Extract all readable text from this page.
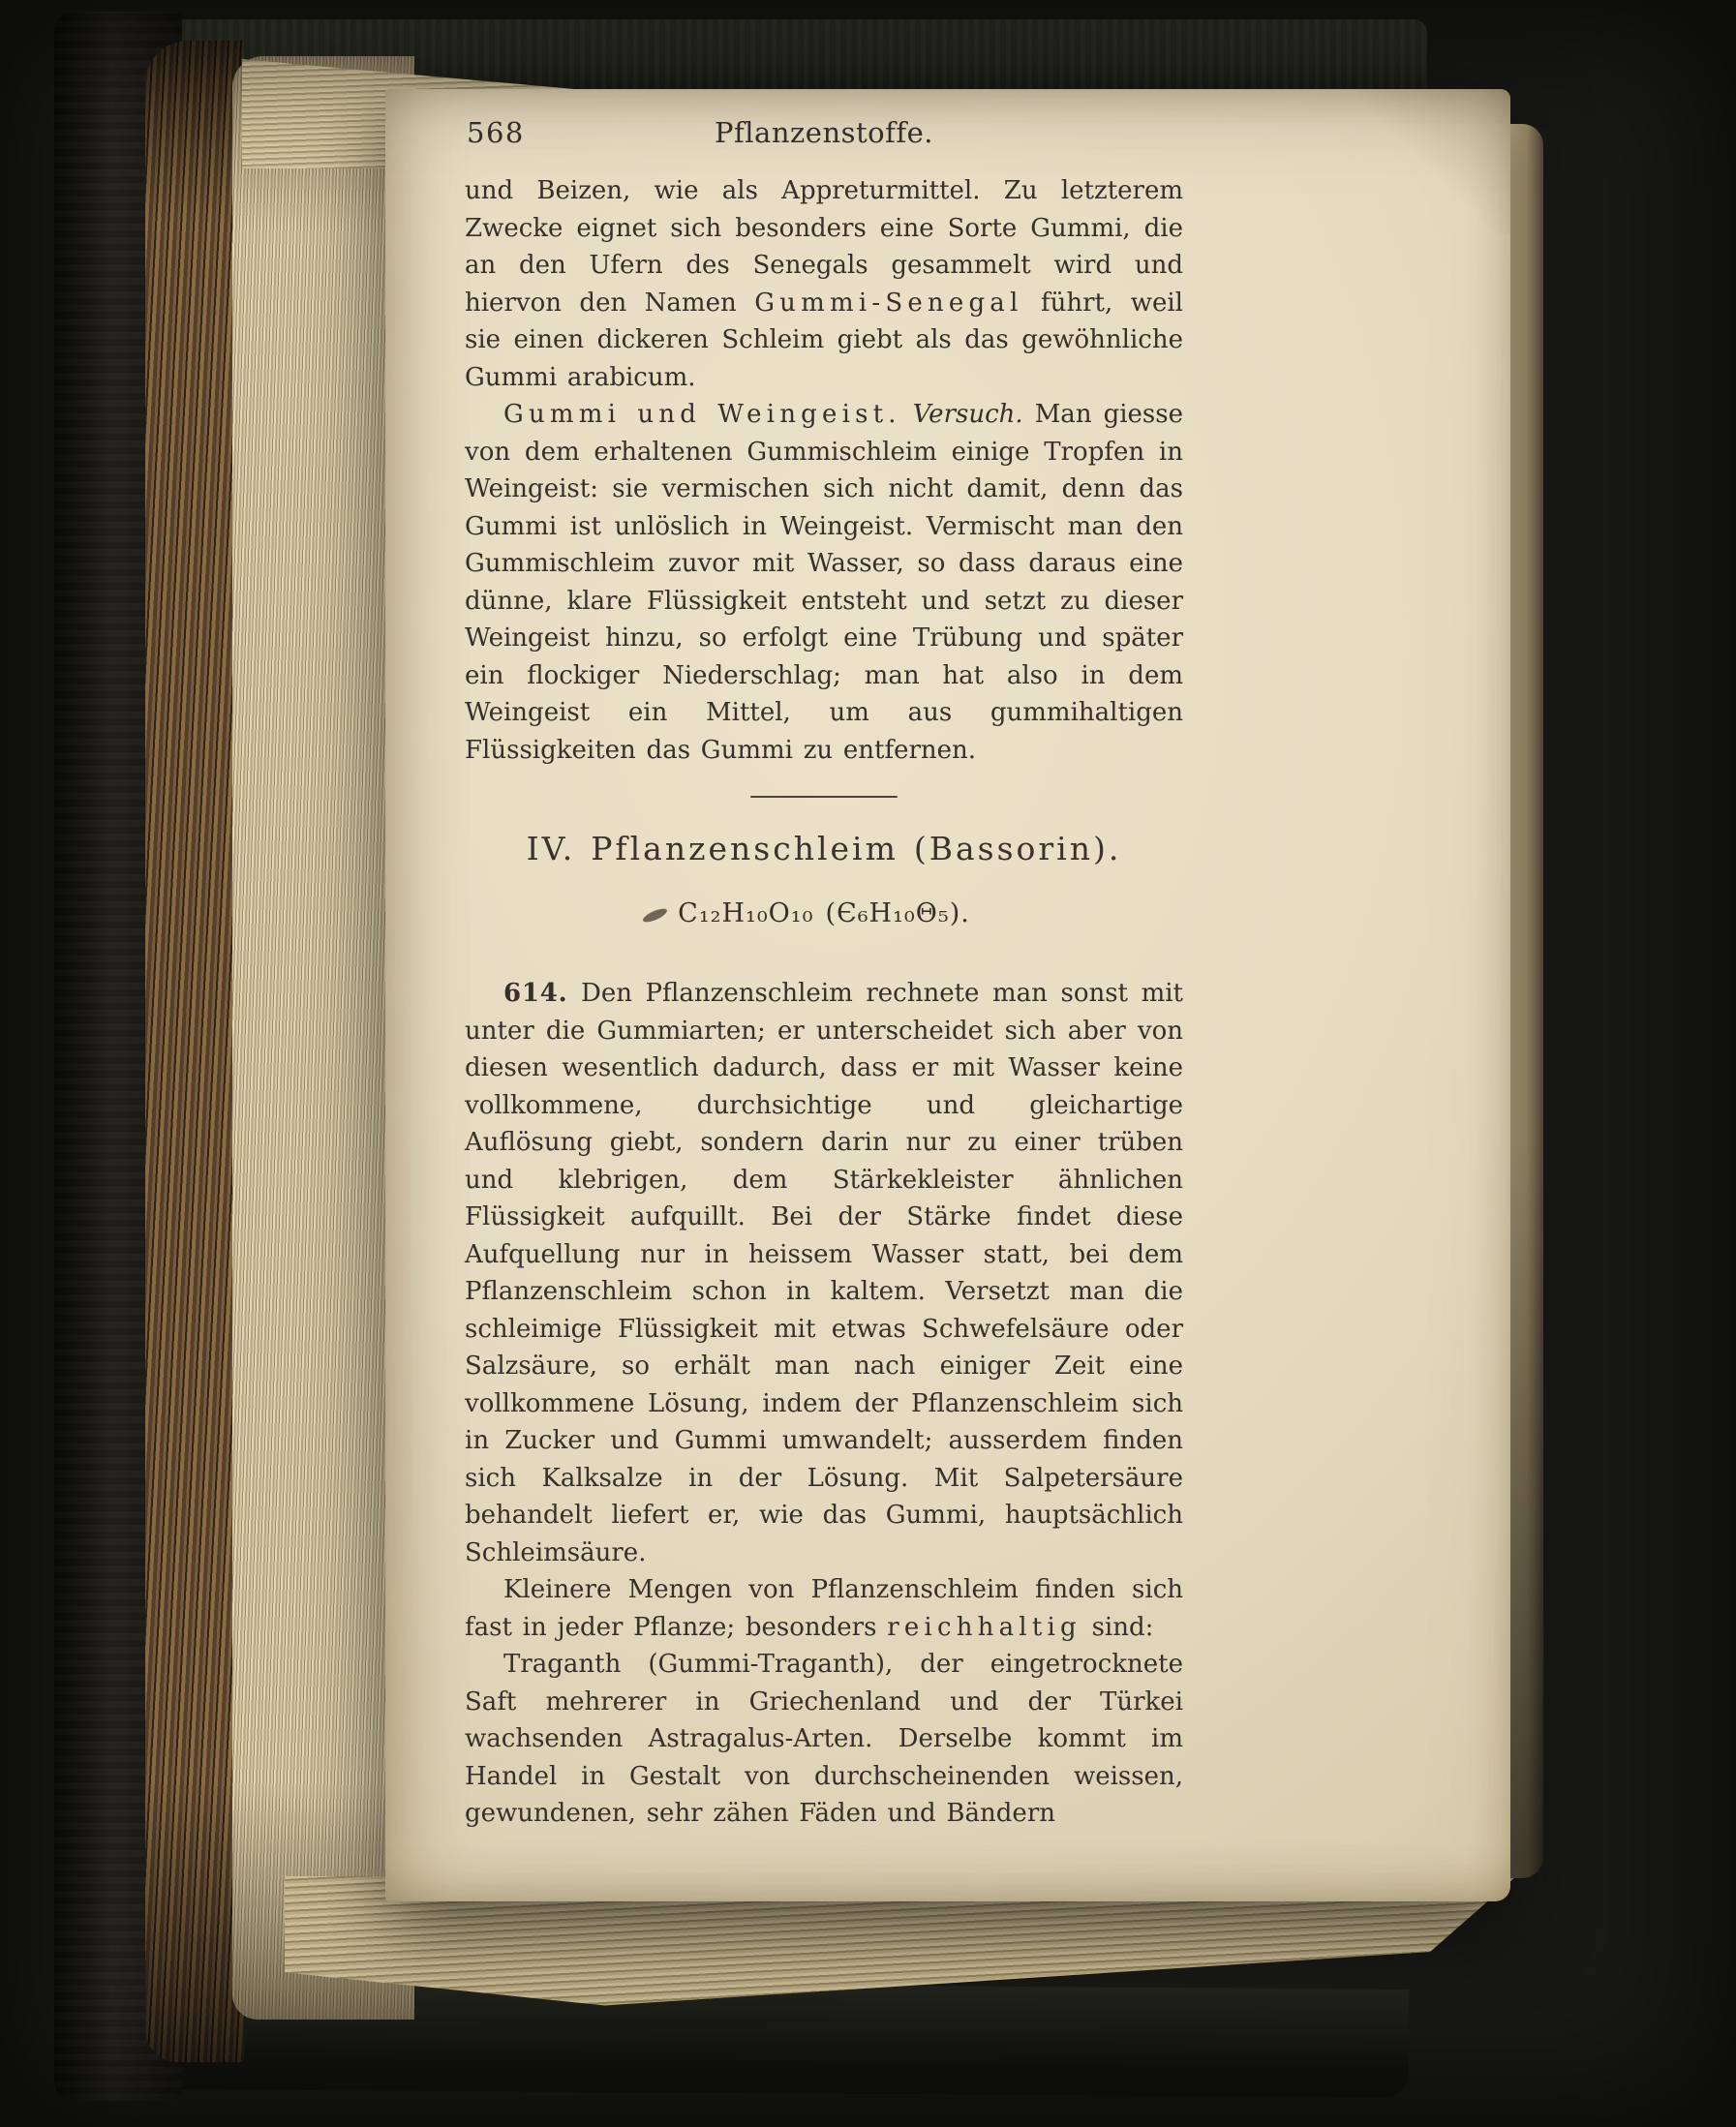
568	Pflanzenstoffe.

und Beizen, wie als Appreturmittel. Zu letzterem Zwecke eignet sich besonders eine Sorte Gummi, die an den Ufern des Senegals gesammelt wird und hiervon den Namen Gummi-Senegal führt, weil sie einen dickeren Schleim giebt als das gewöhnliche Gummi arabicum.

Gummi und Weingeist. Versuch. Man giesse von dem erhaltenen Gummischleim einige Tropfen in Weingeist: sie vermischen sich nicht damit, denn das Gummi ist unlöslich in Weingeist. Vermischt man den Gummischleim zuvor mit Wasser, so dass daraus eine dünne, klare Flüssigkeit entsteht und setzt zu dieser Weingeist hinzu, so erfolgt eine Trübung und später ein flockiger Niederschlag; man hat also in dem Weingeist ein Mittel, um aus gummihaltigen Flüssigkeiten das Gummi zu entfernen.

IV. Pflanzenschleim (Bassorin).
C₁₂H₁₀O₁₀ (Є₆H₁₀Θ₅).

614. Den Pflanzenschleim rechnete man sonst mit unter die Gummiarten; er unterscheidet sich aber von diesen wesentlich dadurch, dass er mit Wasser keine vollkommene, durchsichtige und gleichartige Auflösung giebt, sondern darin nur zu einer trüben und klebrigen, dem Stärkekleister ähnlichen Flüssigkeit aufquillt. Bei der Stärke findet diese Aufquellung nur in heissem Wasser statt, bei dem Pflanzenschleim schon in kaltem. Versetzt man die schleimige Flüssigkeit mit etwas Schwefelsäure oder Salzsäure, so erhält man nach einiger Zeit eine vollkommene Lösung, indem der Pflanzenschleim sich in Zucker und Gummi umwandelt; ausserdem finden sich Kalksalze in der Lösung. Mit Salpetersäure behandelt liefert er, wie das Gummi, hauptsächlich Schleimsäure.

Kleinere Mengen von Pflanzenschleim finden sich fast in jeder Pflanze; besonders reichhaltig sind:

Traganth (Gummi-Traganth), der eingetrocknete Saft mehrerer in Griechenland und der Türkei wachsenden Astragalus-Arten. Derselbe kommt im Handel in Gestalt von durchscheinenden weissen, gewundenen, sehr zähen Fäden und Bändern
